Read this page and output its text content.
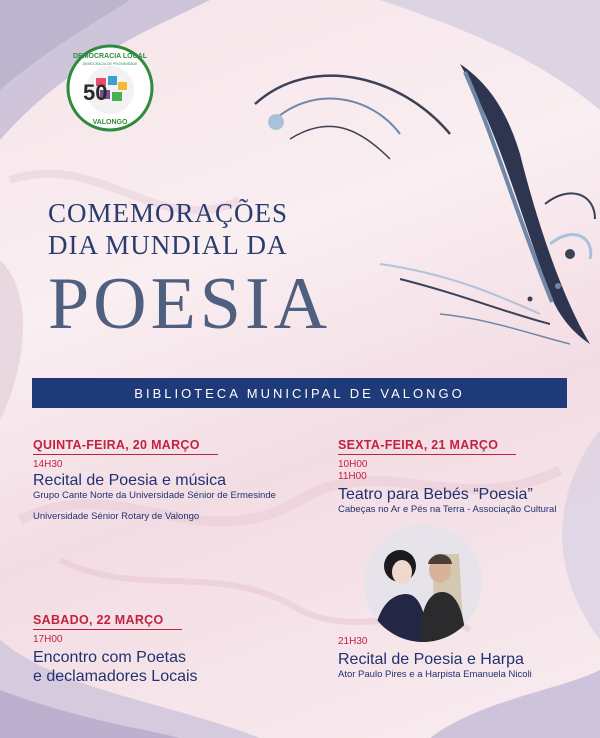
50
DEMOCRACIA LOCAL
DEMOCRACIA DE PROXIMIDADE
VALONGO
COMEMORAÇÕES
DIA MUNDIAL DA
POESIA
BIBLIOTECA MUNICIPAL DE VALONGO
QUINTA-FEIRA, 20 MARÇO
14H30
Recital de Poesia e música
Grupo Cante Norte da Universidade Sénior de Ermesinde
Universidade Sénior Rotary de Valongo
SEXTA-FEIRA, 21 MARÇO
10H00
11H00
Teatro para Bebés “Poesia”
Cabeças no Ar e Pés na Terra - Associação Cultural
SABADO, 22 MARÇO
17H00
Encontro com Poetas
e declamadores Locais
21H30
Recital de Poesia e Harpa
Ator Paulo Pires e a Harpista Emanuela Nicoli
